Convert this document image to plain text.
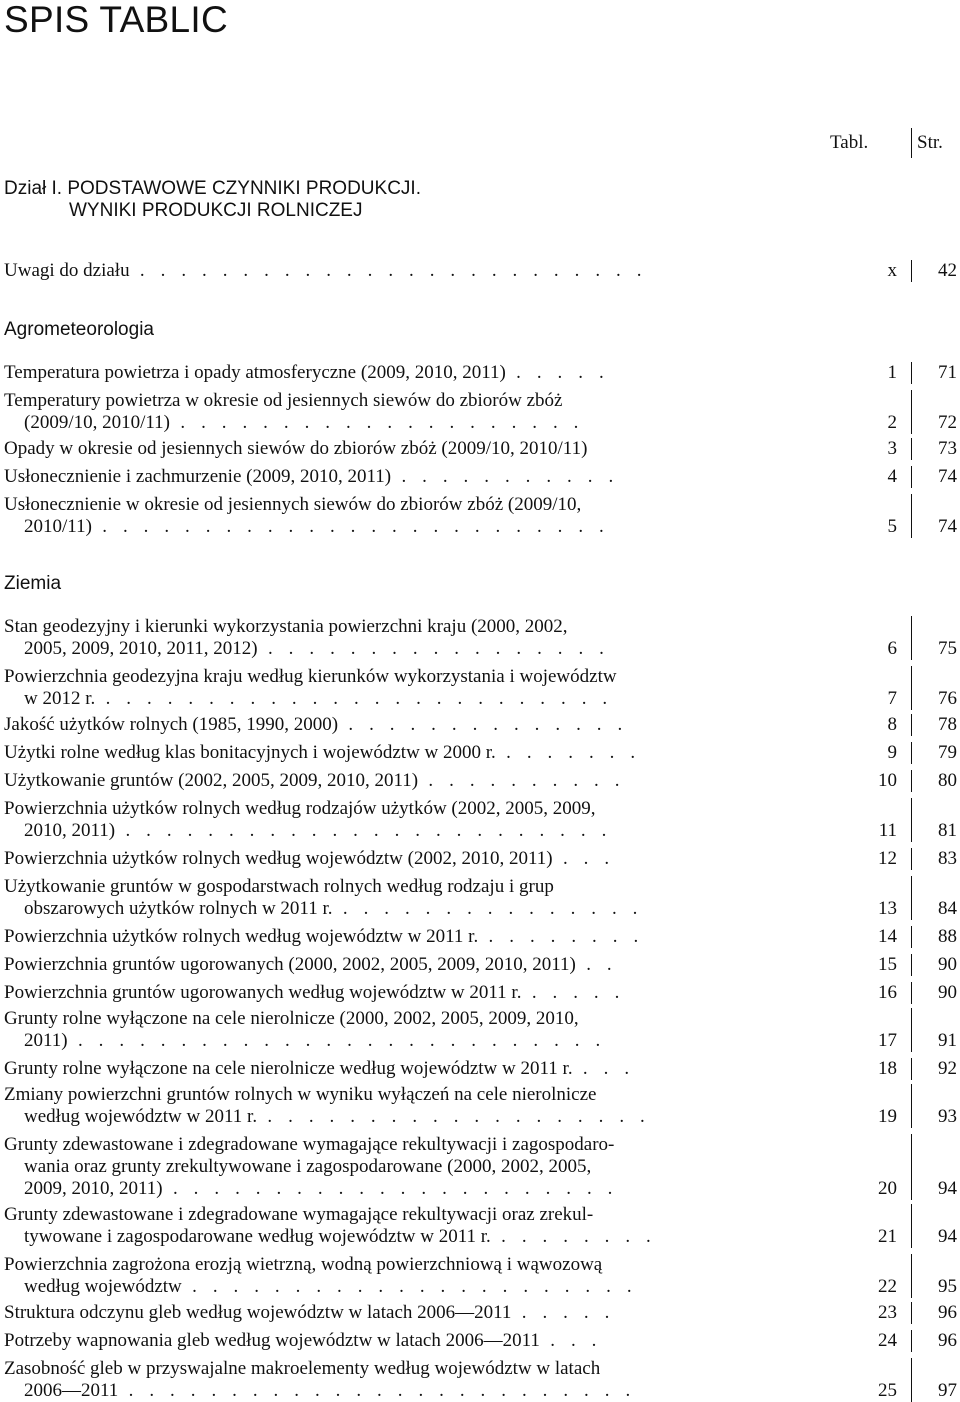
SPIS TABLIC
Tabl.	Str.
Dział I. PODSTAWOWE CZYNNIKI PRODUKCJI.
WYNIKI PRODUKCJI ROLNICZEJ
Agrometeorologia
Ziemia
Uwagi do działu . . . . . . . . . . . . . . . . . . . . . . . . .	x	42
Temperatura powietrza i opady atmosferyczne (2009, 2010, 2011) . . . . .	1	71
Temperatury powietrza w okresie od jesiennych siewów do zbiorów zbóż
(2009/10, 2010/11) . . . . . . . . . . . . . . . . . . . .	2	72
Opady w okresie od jesiennych siewów do zbiorów zbóż (2009/10, 2010/11)	3	73
Usłonecznienie i zachmurzenie (2009, 2010, 2011) . . . . . . . . . . .	4	74
Usłonecznienie w okresie od jesiennych siewów do zbiorów zbóż (2009/10,
2010/11) . . . . . . . . . . . . . . . . . . . . . . . . .	5	74
Stan geodezyjny i kierunki wykorzystania powierzchni kraju (2000, 2002,
2005, 2009, 2010, 2011, 2012) . . . . . . . . . . . . . . . . .	6	75
Powierzchnia geodezyjna kraju według kierunków wykorzystania i województw
w 2012 r. . . . . . . . . . . . . . . . . . . . . . . . . .	7	76
Jakość użytków rolnych (1985, 1990, 2000) . . . . . . . . . . . . . .	8	78
Użytki rolne według klas bonitacyjnych i województw w 2000 r. . . . . . . .	9	79
Użytkowanie gruntów (2002, 2005, 2009, 2010, 2011) . . . . . . . . . .	10	80
Powierzchnia użytków rolnych według rodzajów użytków (2002, 2005, 2009,
2010, 2011) . . . . . . . . . . . . . . . . . . . . . . . .	11	81
Powierzchnia użytków rolnych według województw (2002, 2010, 2011) . . .	12	83
Użytkowanie gruntów w gospodarstwach rolnych według rodzaju i grup
obszarowych użytków rolnych w 2011 r. . . . . . . . . . . . . . . .	13	84
Powierzchnia użytków rolnych według województw w 2011 r. . . . . . . . .	14	88
Powierzchnia gruntów ugorowanych (2000, 2002, 2005, 2009, 2010, 2011) . .	15	90
Powierzchnia gruntów ugorowanych według województw w 2011 r. . . . . .	16	90
Grunty rolne wyłączone na cele nierolnicze (2000, 2002, 2005, 2009, 2010,
2011) . . . . . . . . . . . . . . . . . . . . . . . . . .	17	91
Grunty rolne wyłączone na cele nierolnicze według województw w 2011 r. . . .	18	92
Zmiany powierzchni gruntów rolnych w wyniku wyłączeń na cele nierolnicze
według województw w 2011 r. . . . . . . . . . . . . . . . . . . .	19	93
Grunty zdewastowane i zdegradowane wymagające rekultywacji i zagospodaro-
wania oraz grunty zrekultywowane i zagospodarowane (2000, 2002, 2005,
2009, 2010, 2011) . . . . . . . . . . . . . . . . . . . . . .	20	94
Grunty zdewastowane i zdegradowane wymagające rekultywacji oraz zrekul-
tywowane i zagospodarowane według województw w 2011 r. . . . . . . . .	21	94
Powierzchnia zagrożona erozją wietrzną, wodną powierzchniową i wąwozową
według województw . . . . . . . . . . . . . . . . . . . . . .	22	95
Struktura odczynu gleb według województw w latach 2006—2011 . . . . .	23	96
Potrzeby wapnowania gleb według województw w latach 2006—2011 . . .	24	96
Zasobność gleb w przyswajalne makroelementy według województw w latach
2006—2011 . . . . . . . . . . . . . . . . . . . . . . . . .	25	97
